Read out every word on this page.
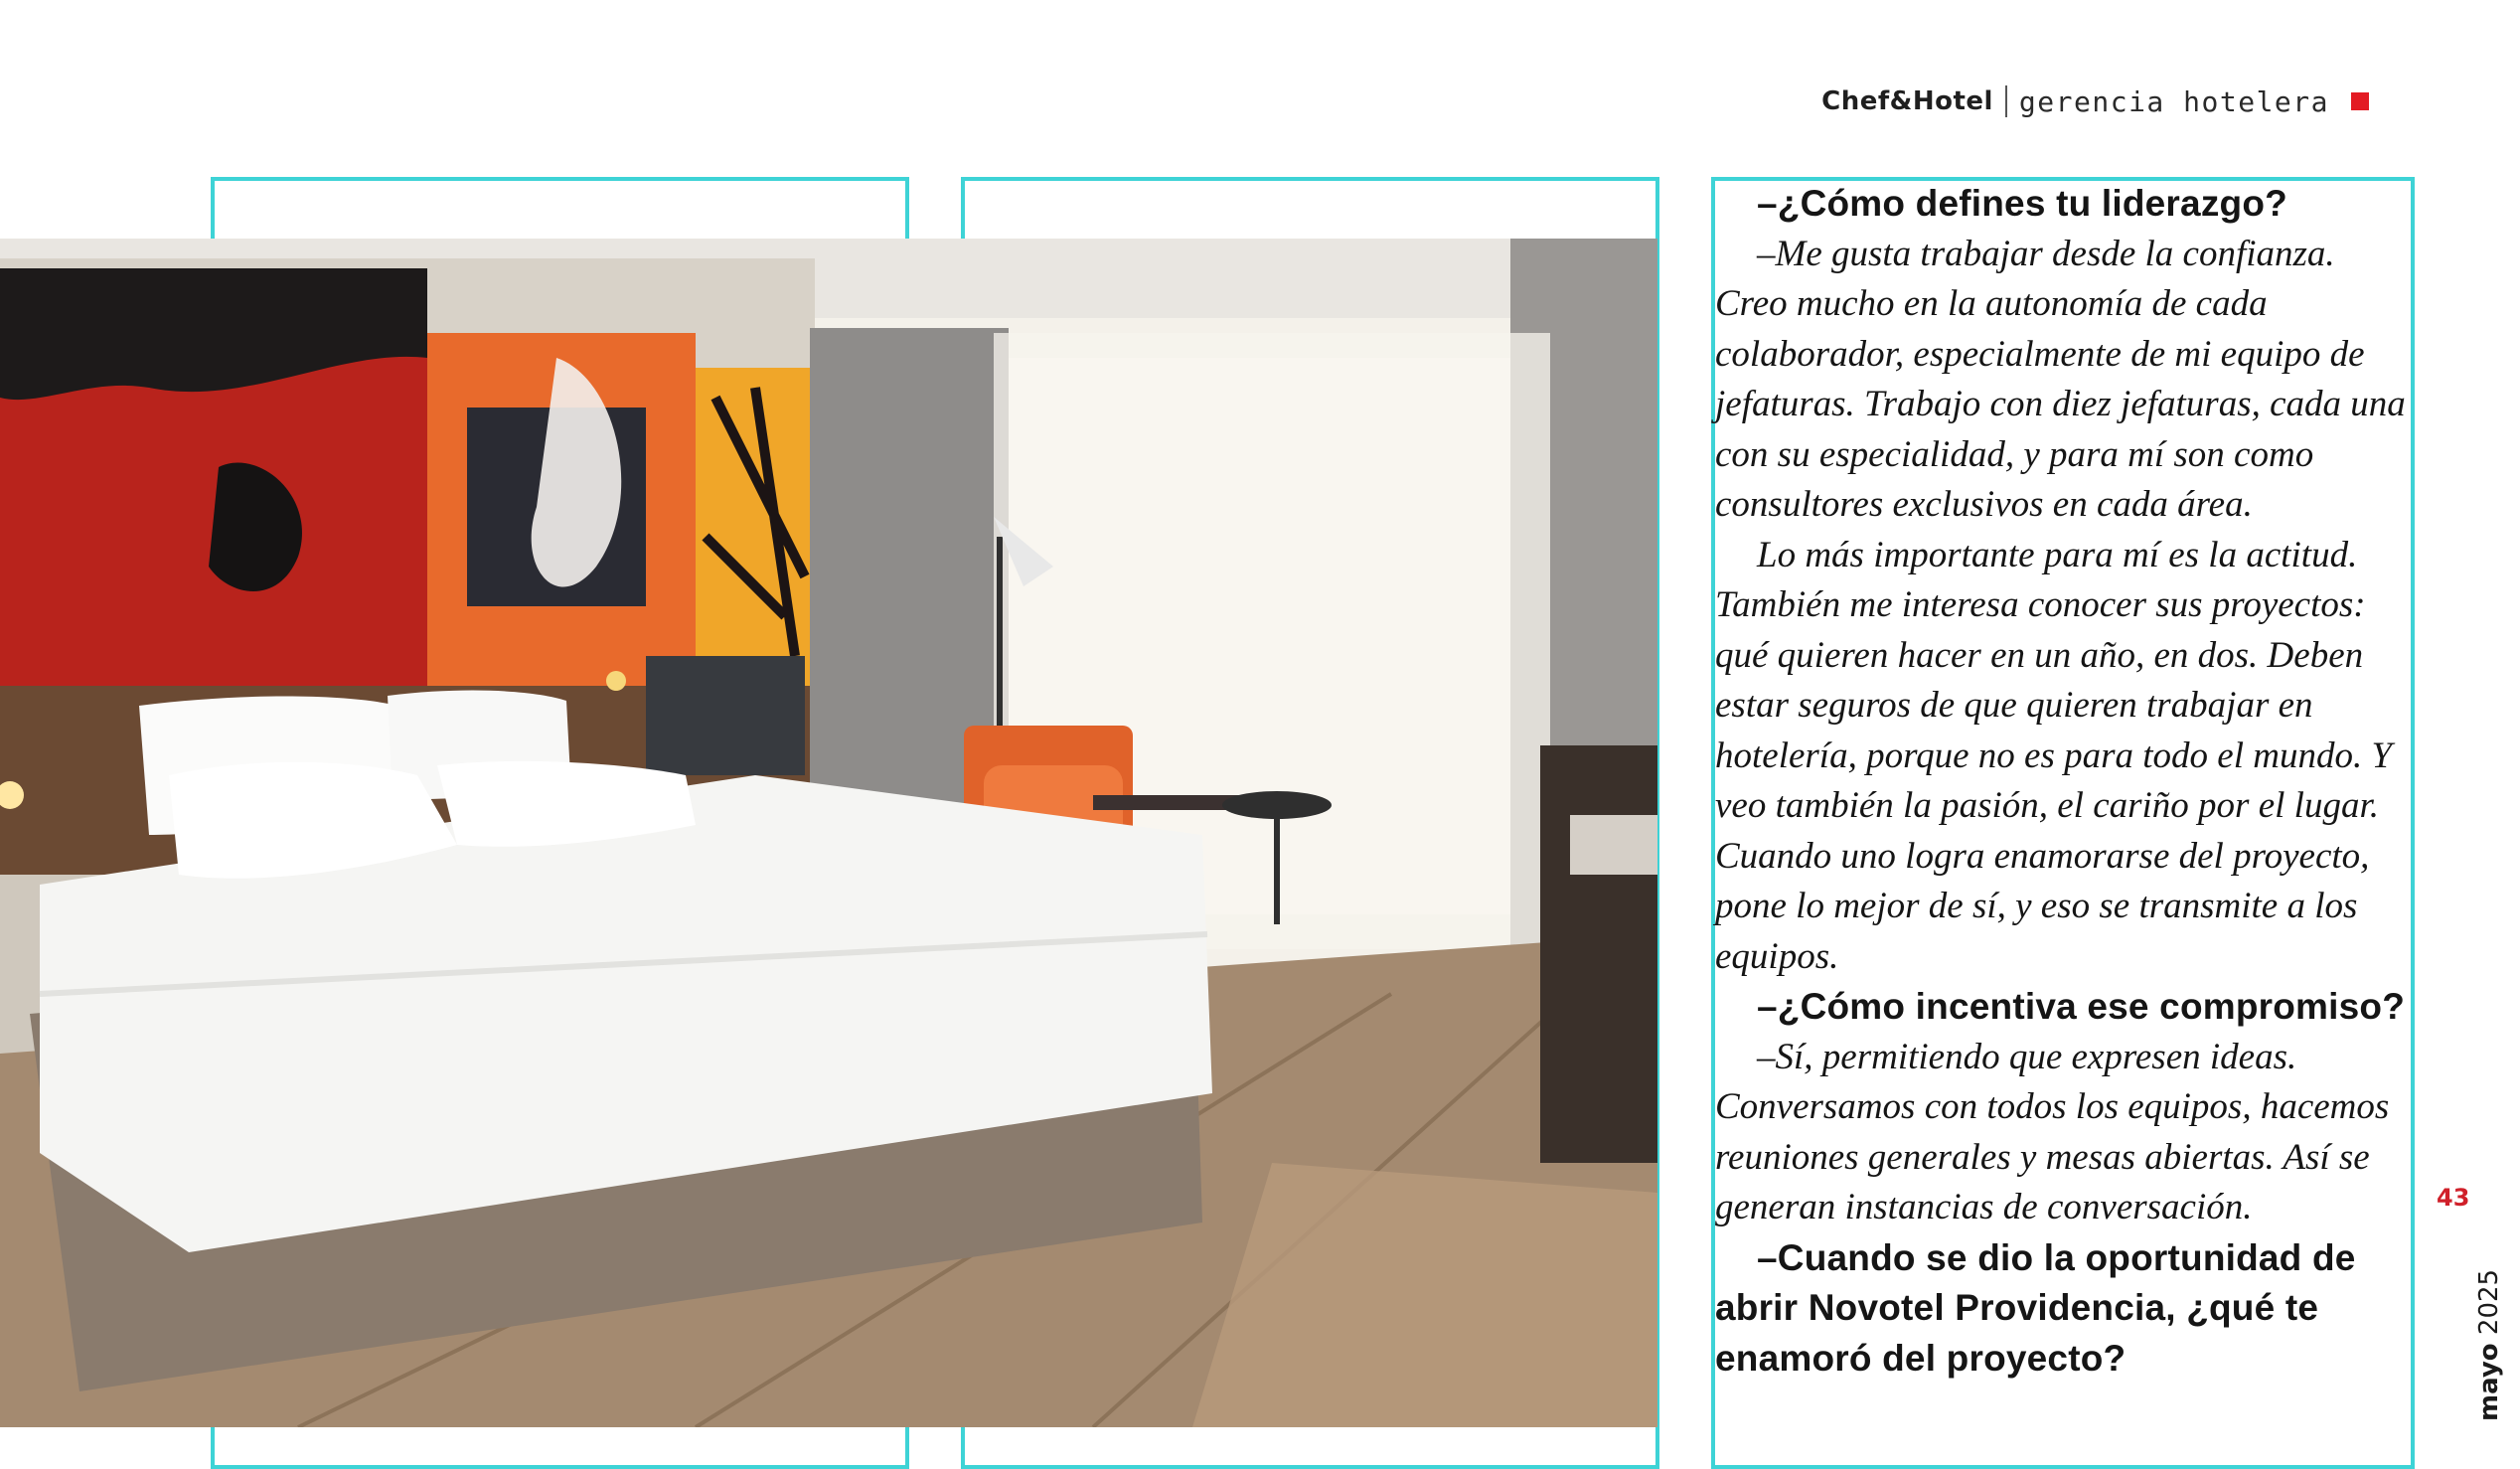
Chef&Hotel gerencia hotelera

–¿Cómo defines tu liderazgo?

–Me gusta trabajar desde la confianza. Creo mucho en la autonomía de cada colaborador, especialmente de mi equipo de jefaturas. Trabajo con diez jefaturas, cada una con su especialidad, y para mí son como consultores exclusivos en cada área.

Lo más importante para mí es la actitud. También me interesa conocer sus proyectos: qué quieren hacer en un año, en dos. Deben estar seguros de que quieren trabajar en hotelería, porque no es para todo el mundo. Y veo también la pasión, el cariño por el lugar. Cuando uno logra enamorarse del proyecto, pone lo mejor de sí, y eso se transmite a los equipos.

–¿Cómo incentiva ese compromiso?

–Sí, permitiendo que expresen ideas. Conversamos con todos los equipos, hacemos reuniones generales y mesas abiertas. Así se generan instancias de conversación.

–Cuando se dio la oportunidad de abrir Novotel Providencia, ¿qué te enamoró del proyecto?

43
mayo 2025
